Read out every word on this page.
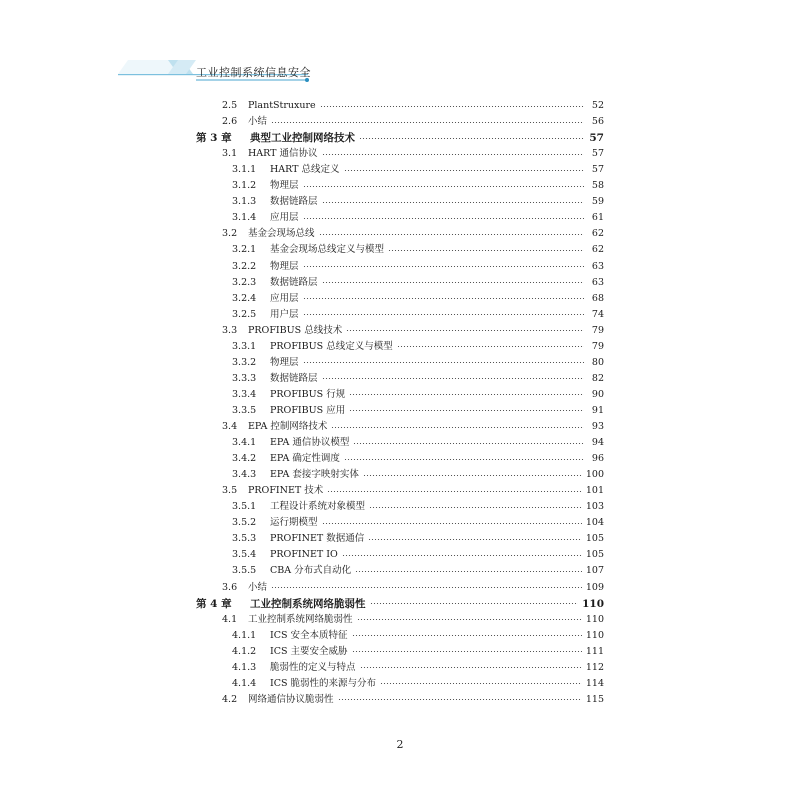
工业控制系统信息安全
2.5	PlantStruxure	52
2.6	小结	56
第 3 章	典型工业控制网络技术	57
3.1	HART 通信协议	57
3.1.1	HART 总线定义	57
3.1.2	物理层	58
3.1.3	数据链路层	59
3.1.4	应用层	61
3.2	基金会现场总线	62
3.2.1	基金会现场总线定义与模型	62
3.2.2	物理层	63
3.2.3	数据链路层	63
3.2.4	应用层	68
3.2.5	用户层	74
3.3	PROFIBUS 总线技术	79
3.3.1	PROFIBUS 总线定义与模型	79
3.3.2	物理层	80
3.3.3	数据链路层	82
3.3.4	PROFIBUS 行规	90
3.3.5	PROFIBUS 应用	91
3.4	EPA 控制网络技术	93
3.4.1	EPA 通信协议模型	94
3.4.2	EPA 确定性调度	96
3.4.3	EPA 套接字映射实体	100
3.5	PROFINET 技术	101
3.5.1	工程设计系统对象模型	103
3.5.2	运行期模型	104
3.5.3	PROFINET 数据通信	105
3.5.4	PROFINET IO	105
3.5.5	CBA 分布式自动化	107
3.6	小结	109
第 4 章	工业控制系统网络脆弱性	110
4.1	工业控制系统网络脆弱性	110
4.1.1	ICS 安全本质特征	110
4.1.2	ICS 主要安全威胁	111
4.1.3	脆弱性的定义与特点	112
4.1.4	ICS 脆弱性的来源与分布	114
4.2	网络通信协议脆弱性	115
2
